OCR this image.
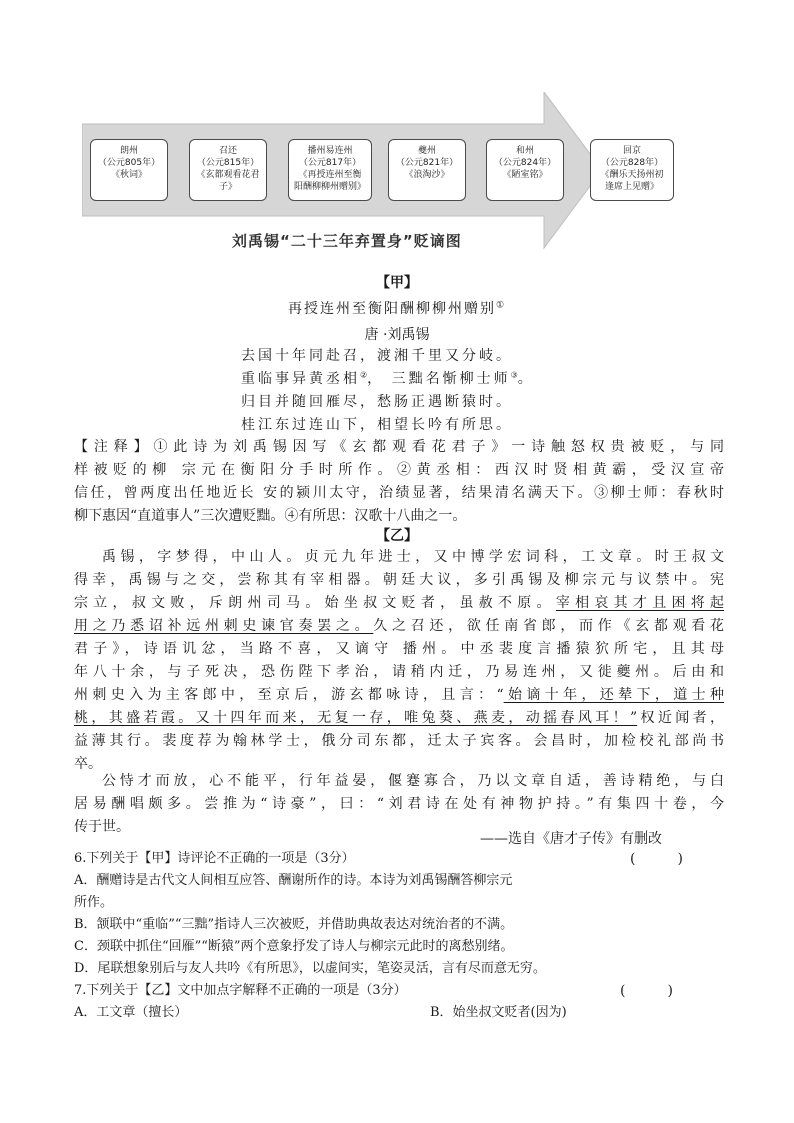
朗州
（公元805年）
《秋词》
召还
（公元815年）
《玄都观看花君
子》
播州易连州
（公元817年）
《再授连州至衡
阳酬柳柳州赠别》
夔州
（公元821年）
《浪淘沙》
和州
（公元824年）
《陋室铭》
回京
（公元828年）
《酬乐天扬州初
逢席上见赠》
刘禹锡“二十三年弃置身”贬谪图
【甲】
再授连州至衡阳酬柳柳州赠别①
唐 ·刘禹锡
去国十年同赴召，渡湘千里又分岐。
重临事异黄丞相②， 三黜名惭柳士师③。
归目并随回雁尽，愁肠正遇断猿时。
桂江东过连山下，相望长吟有所思。
【注释】①此诗为刘禹锡因写《玄都观看花君子》一诗触怒权贵被贬，与同
样被贬的柳 宗元在衡阳分手时所作。②黄丞相：西汉时贤相黄霸，受汉宣帝
信任，曾两度出任地近长 安的颍川太守，治绩显著，结果清名满天下。③柳士师：春秋时
柳下惠因“直道事人”三次遭贬黜。④有所思：汉歌十八曲之一。
【乙】
禹锡，字梦得，中山人。贞元九年进士，又中博学宏词科，工文章。时王叔文
得幸，禹锡与之交，尝称其有宰相器。朝廷大议，多引禹锡及柳宗元与议禁中。宪
宗立，叔文败，斥朗州司马。始坐叔文贬者，虽赦不原。宰相哀其才且困将起
用之乃悉诏补远州刺史谏官奏罢之。久之召还，欲任南省郎，而作《玄都观看花
君子》，诗语讥忿，当路不喜，又谪守 播州。中丞裴度言播猿狖所宅，且其母
年八十余，与子死决，恐伤陛下孝治，请稍内迁，乃易连州，又徙夔州。后由和
州刺史入为主客郎中，至京后，游玄都咏诗，且言：“始谪十年，还辇下，道士种
桃，其盛若霞。又十四年而来，无复一存，唯兔葵、燕麦，动摇春风耳！”权近闻者，
益薄其行。裴度荐为翰林学士，俄分司东都，迁太子宾客。会昌时，加检校礼部尚书
卒。
公恃才而放，心不能平，行年益晏，偃蹇寡合，乃以文章自适，善诗精绝，与白
居易酬唱颇多。尝推为“诗豪”，曰：“刘君诗在处有神物护持。”有集四十卷，今
传于世。
——选自《唐才子传》有删改
6.下列关于【甲】诗评论不正确的一项是（3分）
A．酬赠诗是古代文人间相互应答、酬谢所作的诗。本诗为刘禹锡酬答柳宗元
所作。
B．颔联中“重临”“三黜”指诗人三次被贬，并借助典故表达对统治者的不满。
C．颈联中抓住“回雁”“断猿”两个意象抒发了诗人与柳宗元此时的离愁别绪。
D．尾联想象别后与友人共吟《有所思》，以虚间实，笔姿灵活，言有尽而意无穷。
(　　　)
7.下列关于【乙】文中加点字解释不正确的一项是（3分）
A．工文章（擅长）	B．始坐叔文贬者(因为)
(　　　)
